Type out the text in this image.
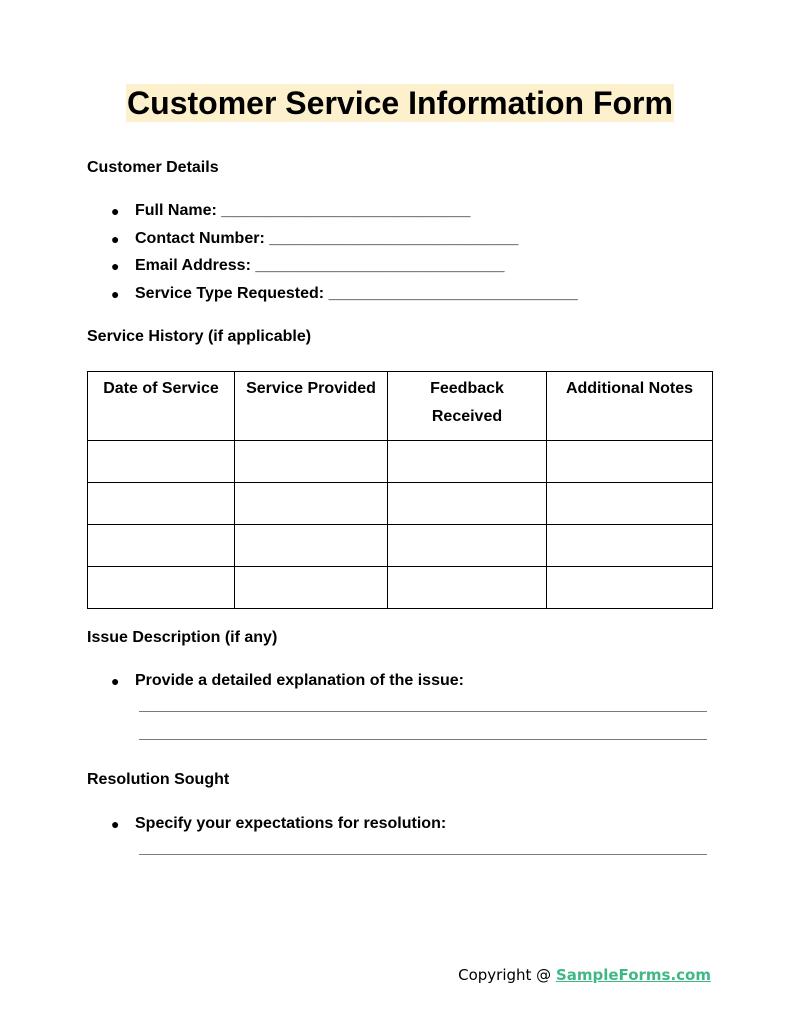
Customer Service Information Form
Customer Details
● Full Name: ____________________________
● Contact Number: ____________________________
● Email Address: ____________________________
● Service Type Requested: ____________________________
Service History (if applicable)
Date of Service	Service Provided	Feedback Received	Additional Notes

Issue Description (if any)
● Provide a detailed explanation of the issue:
Resolution Sought
● Specify your expectations for resolution:
Copyright @ SampleForms.com
